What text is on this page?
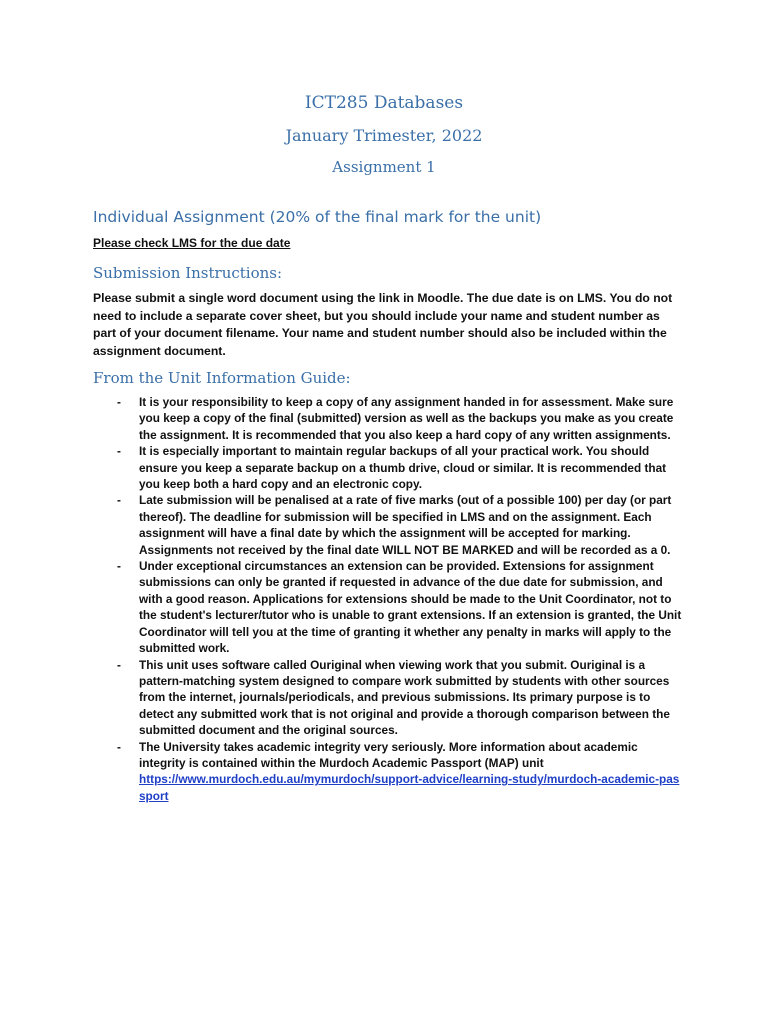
ICT285 Databases
January Trimester, 2022
Assignment 1
Individual Assignment (20% of the final mark for the unit)
Please check LMS for the due date
Submission Instructions:
Please submit a single word document using the link in Moodle. The due date is on LMS. You do not need to include a separate cover sheet, but you should include your name and student number as part of your document filename. Your name and student number should also be included within the assignment document.
From the Unit Information Guide:
- It is your responsibility to keep a copy of any assignment handed in for assessment. Make sure you keep a copy of the final (submitted) version as well as the backups you make as you create the assignment. It is recommended that you also keep a hard copy of any written assignments.
- It is especially important to maintain regular backups of all your practical work. You should ensure you keep a separate backup on a thumb drive, cloud or similar. It is recommended that you keep both a hard copy and an electronic copy.
- Late submission will be penalised at a rate of five marks (out of a possible 100) per day (or part thereof). The deadline for submission will be specified in LMS and on the assignment. Each assignment will have a final date by which the assignment will be accepted for marking. Assignments not received by the final date WILL NOT BE MARKED and will be recorded as a 0.
- Under exceptional circumstances an extension can be provided. Extensions for assignment submissions can only be granted if requested in advance of the due date for submission, and with a good reason. Applications for extensions should be made to the Unit Coordinator, not to the student's lecturer/tutor who is unable to grant extensions. If an extension is granted, the Unit Coordinator will tell you at the time of granting it whether any penalty in marks will apply to the submitted work.
- This unit uses software called Ouriginal when viewing work that you submit. Ouriginal is a pattern-matching system designed to compare work submitted by students with other sources from the internet, journals/periodicals, and previous submissions. Its primary purpose is to detect any submitted work that is not original and provide a thorough comparison between the submitted document and the original sources.
- The University takes academic integrity very seriously. More information about academic integrity is contained within the Murdoch Academic Passport (MAP) unit
https://www.murdoch.edu.au/mymurdoch/support-advice/learning-study/murdoch-academic-passport
